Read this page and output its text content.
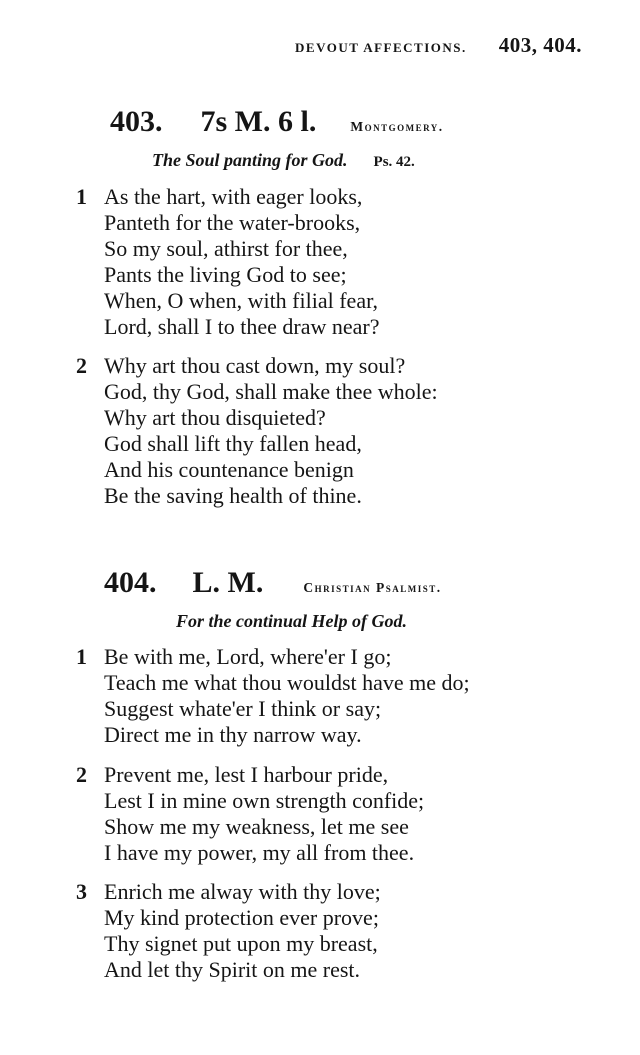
DEVOUT AFFECTIONS. 403, 404.
403. 7s M. 6 l.	Montgomery.
The Soul panting for God. Ps. 42.
1 As the hart, with eager looks,
Panteth for the water-brooks,
So my soul, athirst for thee,
Pants the living God to see;
When, O when, with filial fear,
Lord, shall I to thee draw near?
2 Why art thou cast down, my soul?
God, thy God, shall make thee whole:
Why art thou disquieted?
God shall lift thy fallen head,
And his countenance benign
Be the saving health of thine.
404. L. M.	Christian Psalmist.
For the continual Help of God.
1 Be with me, Lord, where'er I go;
Teach me what thou wouldst have me do;
Suggest whate'er I think or say;
Direct me in thy narrow way.
2 Prevent me, lest I harbour pride,
Lest I in mine own strength confide;
Show me my weakness, let me see
I have my power, my all from thee.
3 Enrich me alway with thy love;
My kind protection ever prove;
Thy signet put upon my breast,
And let thy Spirit on me rest.
